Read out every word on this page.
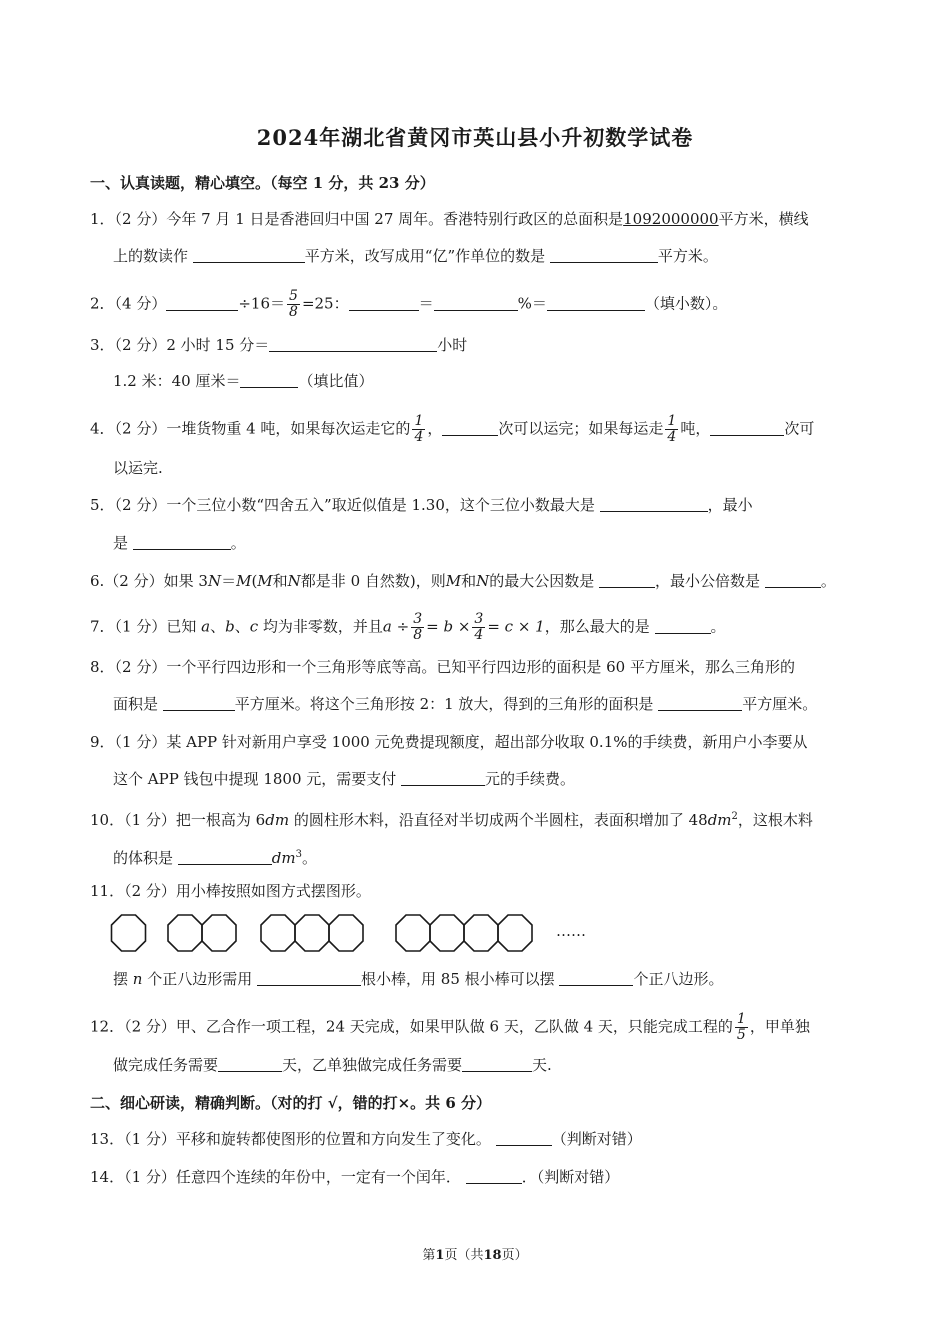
2024年湖北省黄冈市英山县小升初数学试卷
一、认真读题，精心填空。（每空 1 分，共 23 分）
1．（2 分）今年 7 月 1 日是香港回归中国 27 周年。香港特别行政区的总面积是1092000000平方米，横线
上的数读作	平方米，改写成用“亿”作单位的数是	平方米。
2．（4 分）	$\div 16= \frac{5}{8} =25$：	＝	%＝	（填小数）。
3．（2 分）2 小时 15 分＝	小时
1.2 米：40 厘米＝	（填比值）
4．（2 分）一堆货物重 4 吨，如果每次运走它的 $\frac{1}{4}$ ，	次可以运完；如果每运走 $\frac{1}{4}$ 吨，	次可
以运完.
5．（2 分）一个三位小数“四舍五入”取近似值是 1.30，这个三位小数最大是	，最小
是	。
6.（2 分）如果 3N＝M(M和N都是非 0 自然数)，则M和N的最大公因数是	，最小公倍数是	。
7．（1 分）已知 a、b、c 均为非零数，并且$a \div \frac{3}{8} = b \times \frac{3}{4} = c \times 1$，那么最大的是	。
8．（2 分）一个平行四边形和一个三角形等底等高。已知平行四边形的面积是 60 平方厘米，那么三角形的
面积是	平方厘米。将这个三角形按 2：1 放大，得到的三角形的面积是	平方厘米。
9．（1 分）某 APP 针对新用户享受 1000 元免费提现额度，超出部分收取 0.1%的手续费，新用户小李要从
这个 APP 钱包中提现 1800 元，需要支付	元的手续费。
10．（1 分）把一根高为 6dm 的圆柱形木料，沿直径对半切成两个半圆柱，表面积增加了 $48dm^2$，这根木料
的体积是	$dm^3$。
11．（2 分）用小棒按照如图方式摆图形。
……
摆 n 个正八边形需用	根小棒，用 85 根小棒可以摆	个正八边形。
12．（2 分）甲、乙合作一项工程，24 天完成，如果甲队做 6 天，乙队做 4 天，只能完成工程的 $\frac{1}{5}$ ，甲单独
做完成任务需要	天，乙单独做完成任务需要	天.
二、细心研读，精确判断。（对的打 √，错的打×。共 6 分）
13．（1 分）平移和旋转都使图形的位置和方向发生了变化。	（判断对错）
14．（1 分）任意四个连续的年份中，一定有一个闰年．	．（判断对错）
第1页（共18页）
